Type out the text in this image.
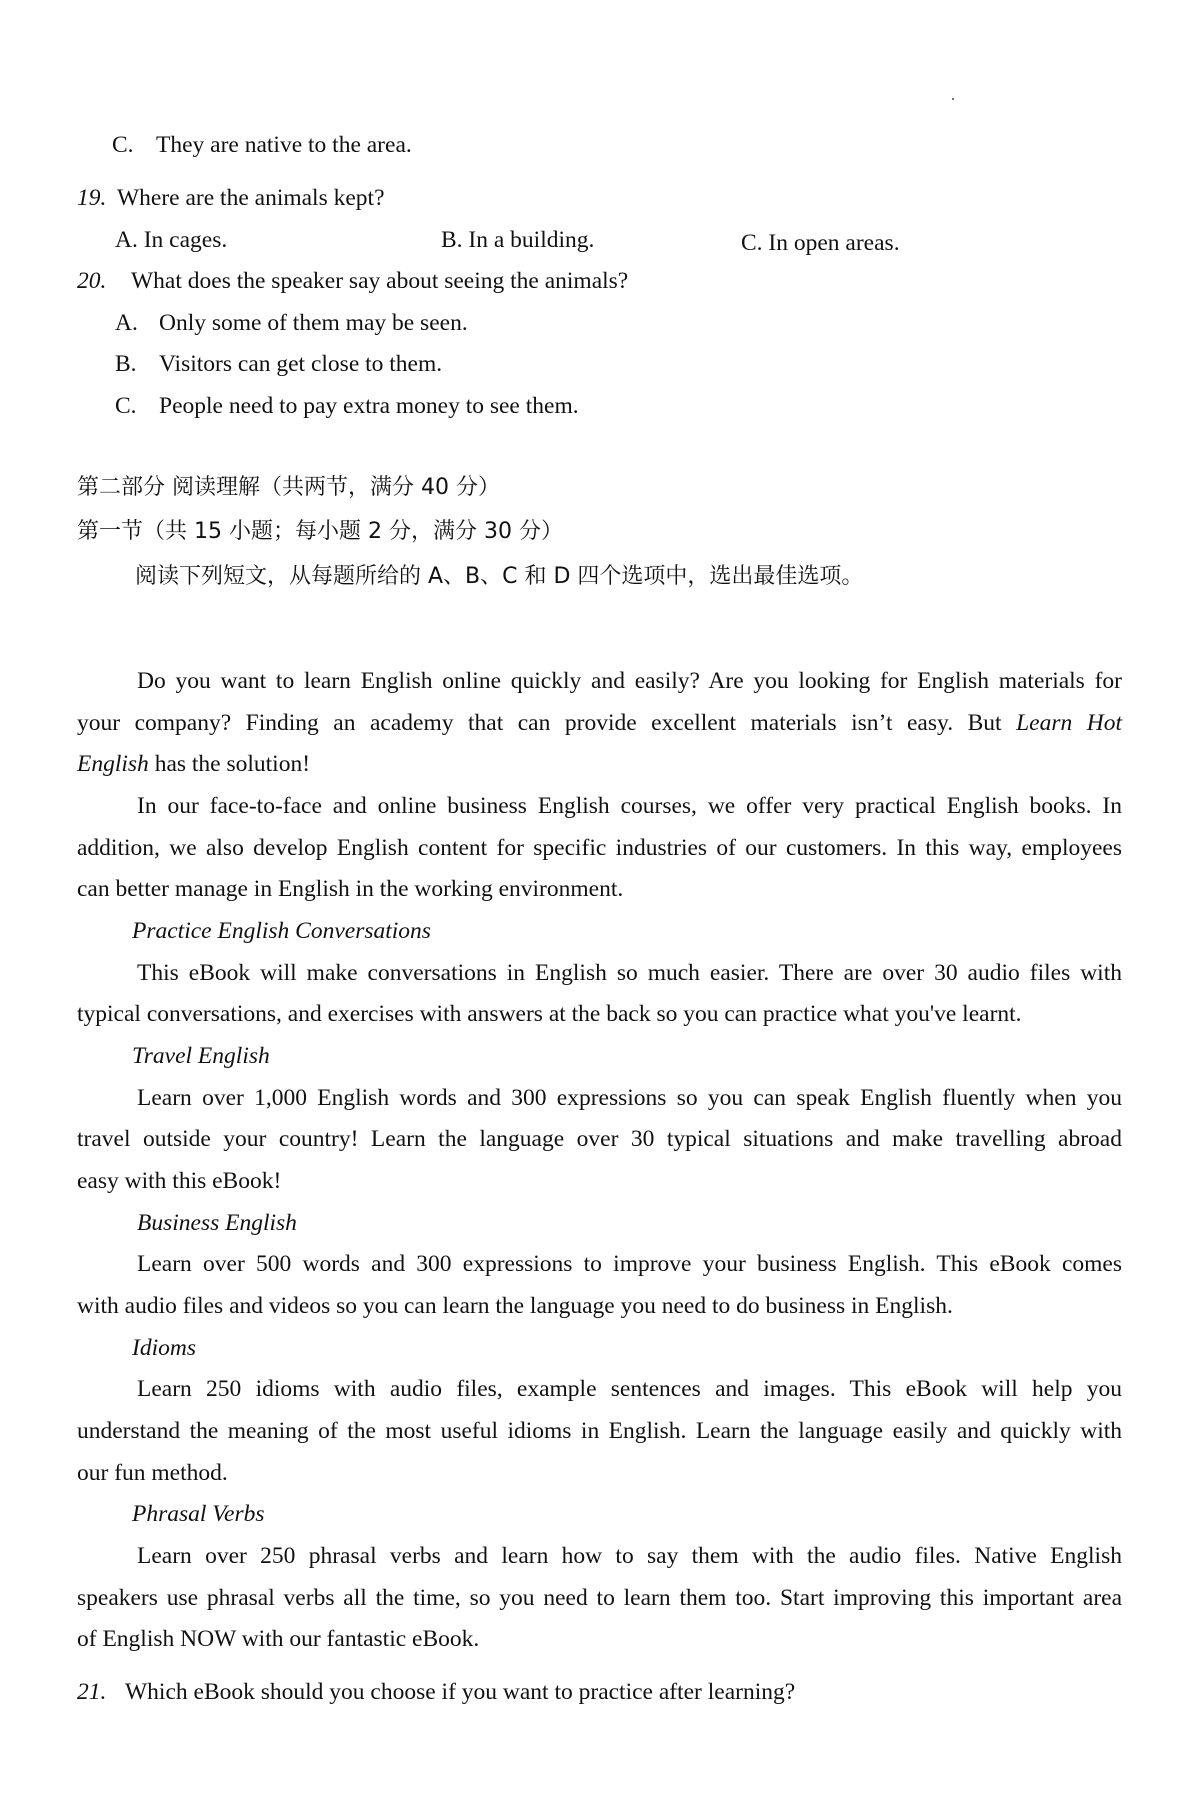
C. They are native to the area.
19. Where are the animals kept?
A. In cages.	B. In a building.	C. In open areas.
20. What does the speaker say about seeing the animals?
A. Only some of them may be seen.
B. Visitors can get close to them.
C. People need to pay extra money to see them.
第二部分 阅读理解（共两节，满分 40 分）
第一节（共 15 小题；每小题 2 分，满分 30 分）
阅读下列短文，从每题所给的 A、B、C 和 D 四个选项中，选出最佳选项。
Do you want to learn English online quickly and easily? Are you looking for English materials for
your company? Finding an academy that can provide excellent materials isn’t easy. But Learn Hot
English has the solution!
In our face-to-face and online business English courses, we offer very practical English books. In
addition, we also develop English content for specific industries of our customers. In this way, employees
can better manage in English in the working environment.
Practice English Conversations
This eBook will make conversations in English so much easier. There are over 30 audio files with
typical conversations, and exercises with answers at the back so you can practice what you've learnt.
Travel English
Learn over 1,000 English words and 300 expressions so you can speak English fluently when you
travel outside your country! Learn the language over 30 typical situations and make travelling abroad
easy with this eBook!
Business English
Learn over 500 words and 300 expressions to improve your business English. This eBook comes
with audio files and videos so you can learn the language you need to do business in English.
Idioms
Learn 250 idioms with audio files, example sentences and images. This eBook will help you
understand the meaning of the most useful idioms in English. Learn the language easily and quickly with
our fun method.
Phrasal Verbs
Learn over 250 phrasal verbs and learn how to say them with the audio files. Native English
speakers use phrasal verbs all the time, so you need to learn them too. Start improving this important area
of English NOW with our fantastic eBook.
21. Which eBook should you choose if you want to practice after learning?
